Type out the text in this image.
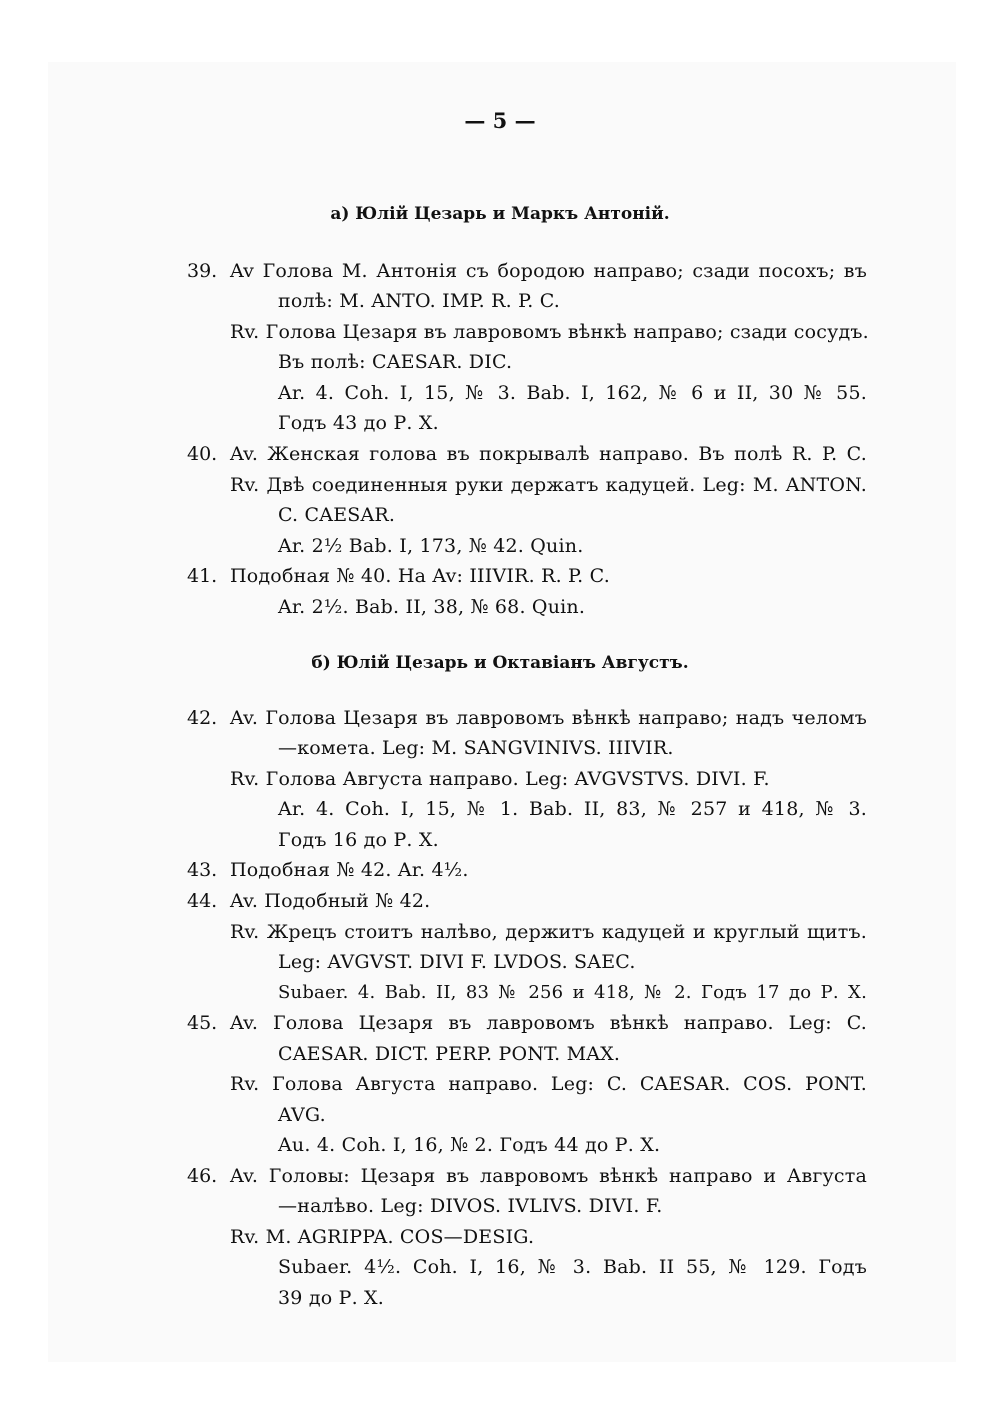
— 5 —
а) Юлій Цезарь и Маркъ Антоній.
39. Av Голова М. Антонія съ бородою направо; сзади посохъ; въ
полѣ: M. ANTO. IMP. R. P. C.
Rv. Голова Цезаря въ лавровомъ вѣнкѣ направо; сзади сосудъ.
Въ полѣ: CAESAR. DIC.
Ar. 4. Coh. I, 15, № 3. Bab. I, 162, № 6 и II, 30 № 55.
Годъ 43 до Р. Х.
40. Av. Женская голова въ покрывалѣ направо. Въ полѣ R. P. C.
Rv. Двѣ соединенныя руки держатъ кадуцей. Leg: M. ANTON.
C. CAESAR.
Ar. 2½ Bab. I, 173, № 42. Quin.
41. Подобная № 40. На Av: IIIVIR. R. P. C.
Ar. 2½. Bab. II, 38, № 68. Quin.
б) Юлій Цезарь и Октавіанъ Августъ.
42. Av. Голова Цезаря въ лавровомъ вѣнкѣ направо; надъ челомъ
—комета. Leg: M. SANGVINIVS. IIIVIR.
Rv. Голова Августа направо. Leg: AVGVSTVS. DIVI. F.
Ar. 4. Coh. I, 15, № 1. Bab. II, 83, № 257 и 418, № 3.
Годъ 16 до Р. Х.
43. Подобная № 42. Ar. 4½.
44. Av. Подобный № 42.
Rv. Жрецъ стоитъ налѣво, держитъ кадуцей и круглый щитъ.
Leg: AVGVST. DIVI F. LVDOS. SAEC.
Subaer. 4. Bab. II, 83 № 256 и 418, № 2. Годъ 17 до Р. Х.
45. Av. Голова Цезаря въ лавровомъ вѣнкѣ направо. Leg: C.
CAESAR. DICT. PERP. PONT. MAX.
Rv. Голова Августа направо. Leg: C. CAESAR. COS. PONT.
AVG.
Au. 4. Coh. I, 16, № 2. Годъ 44 до Р. Х.
46. Av. Головы: Цезаря въ лавровомъ вѣнкѣ направо и Августа
—налѣво. Leg: DIVOS. IVLIVS. DIVI. F.
Rv. M. AGRIPPA. COS—DESIG.
Subaer. 4½. Coh. I, 16, № 3. Bab. II 55, № 129. Годъ
39 до Р. Х.
